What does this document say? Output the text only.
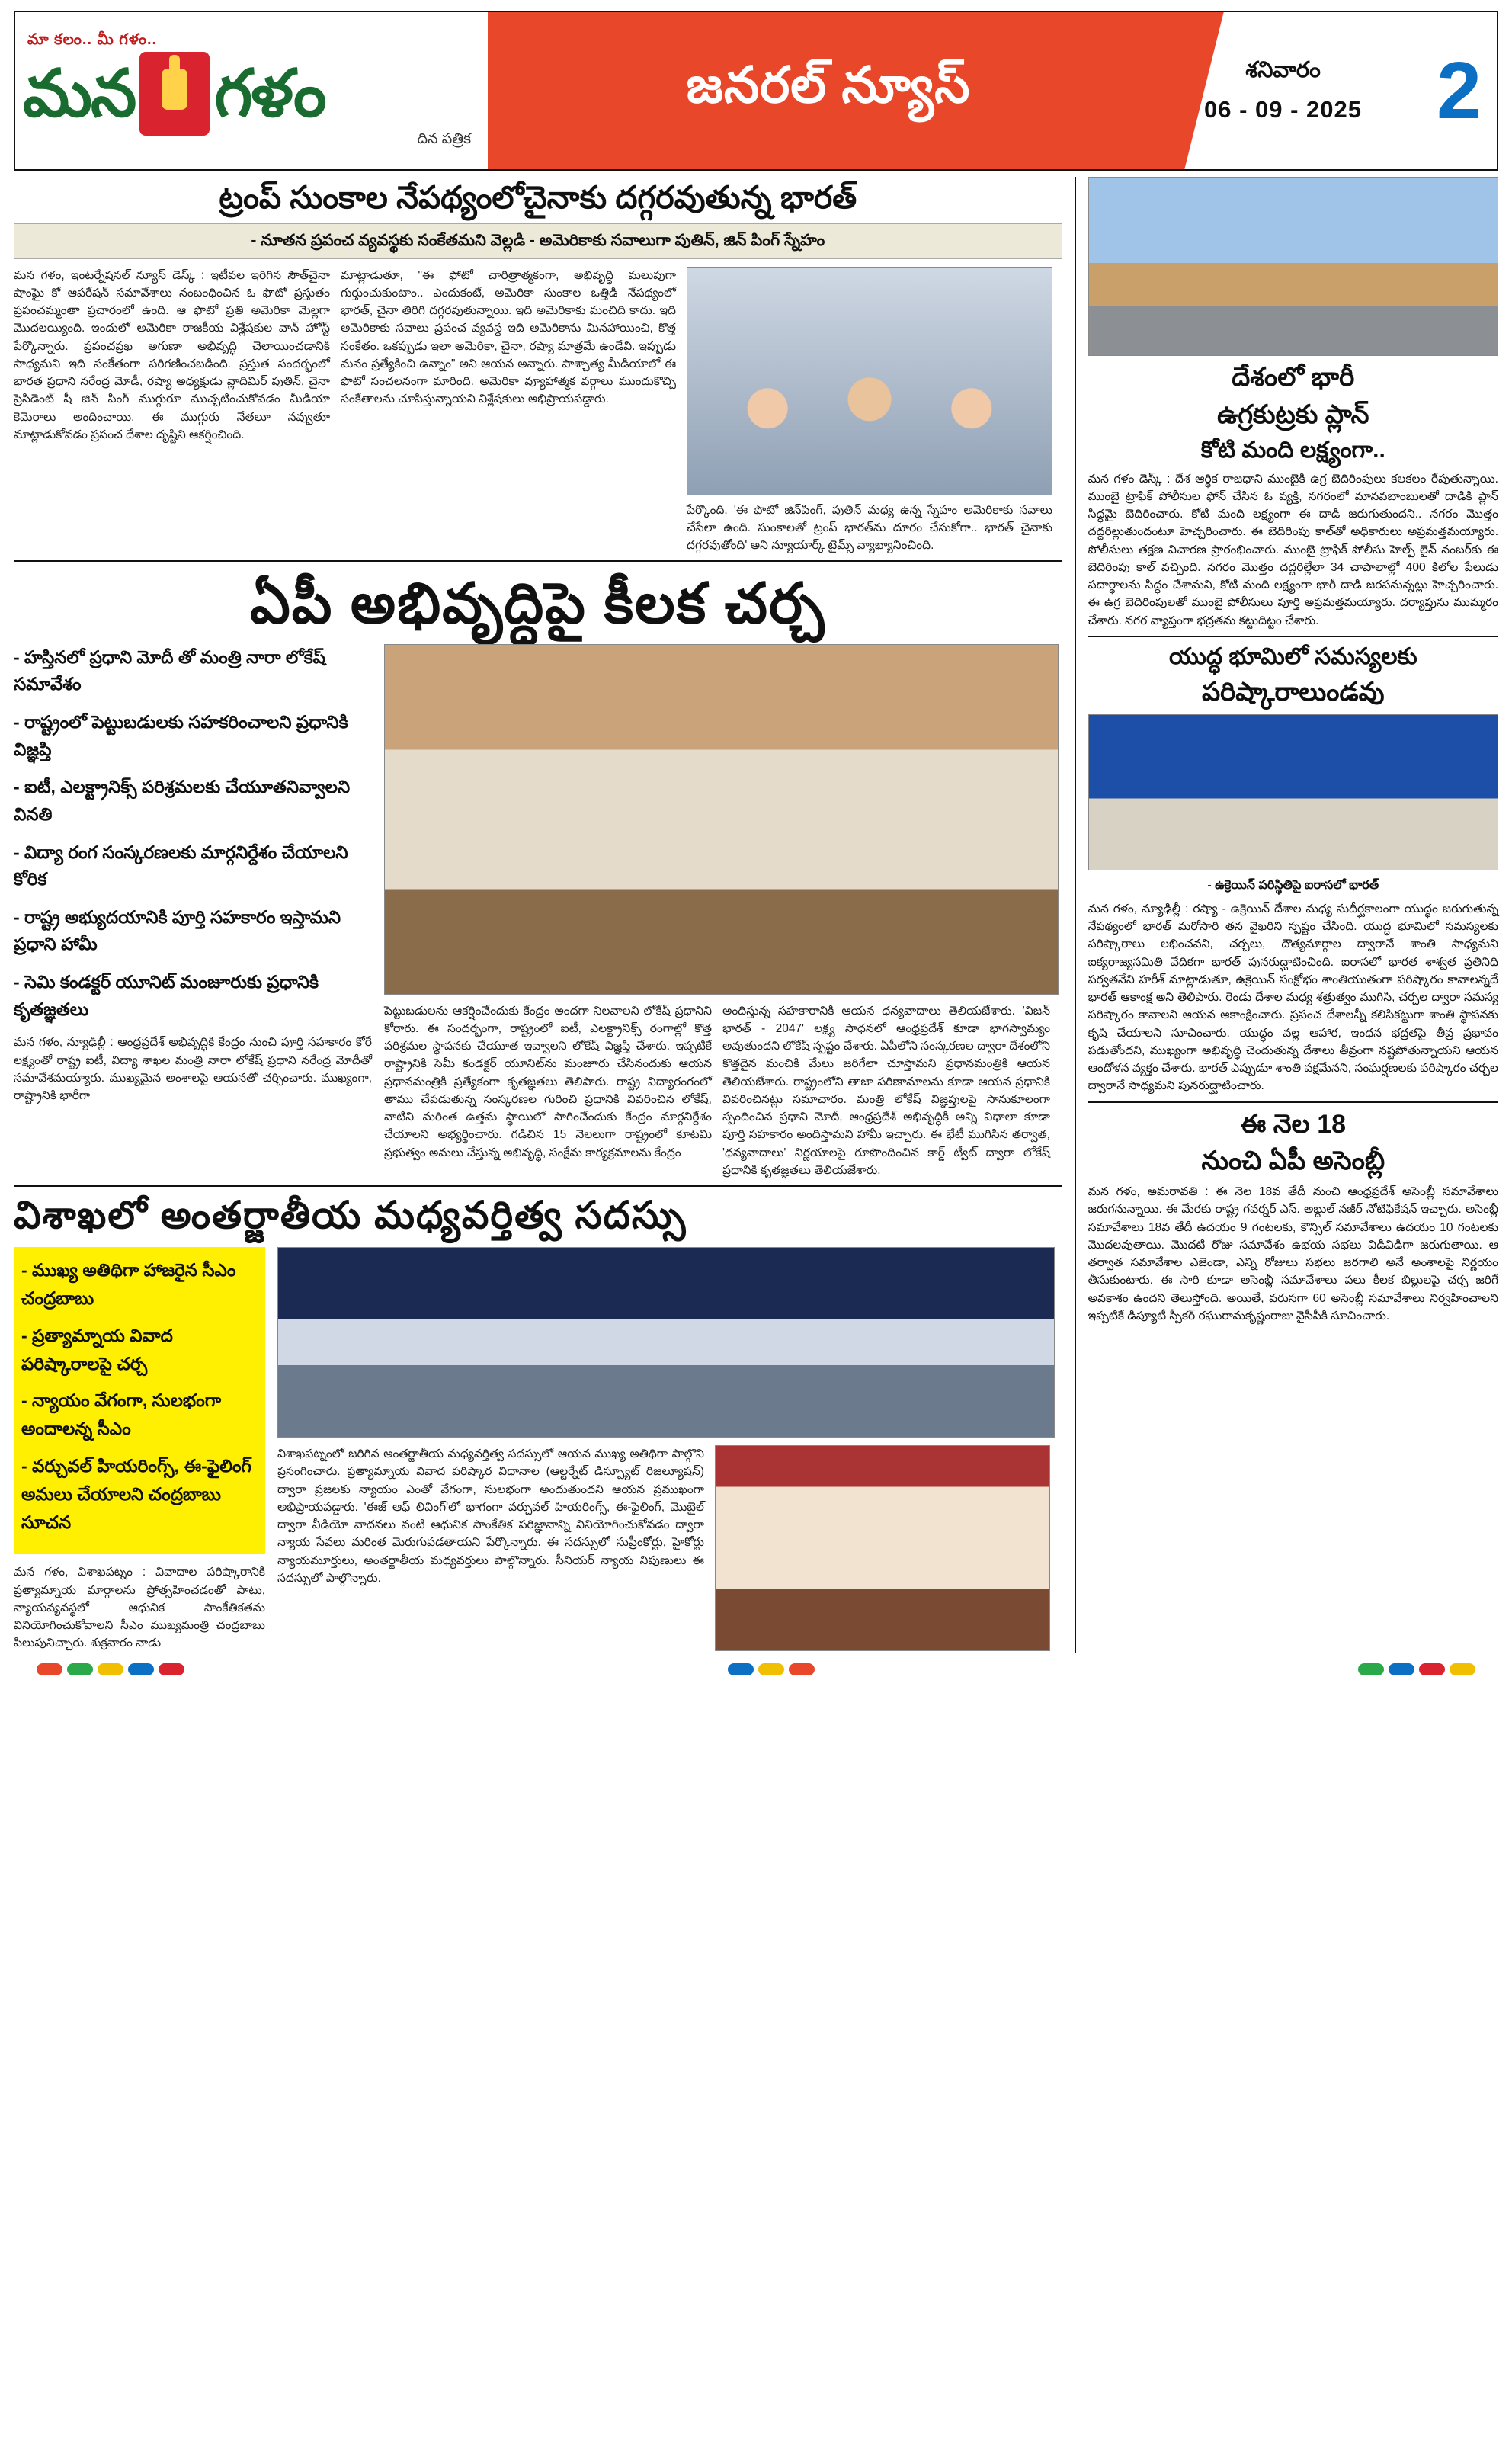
మా కలం.. మీ గళం..
మన గళం
దిన పత్రిక
జనరల్ న్యూస్	శనివారం
06 - 09 - 2025 2
ట్రంప్ సుంకాల నేపథ్యంలోచైనాకు దగ్గరవుతున్న భారత్
- నూతన ప్రపంచ వ్యవస్థకు సంకేతమని వెల్లడి - అమెరికాకు సవాలుగా పుతిన్, జిన్ పింగ్ స్నేహం
మన గళం, ఇంటర్నేషనల్ న్యూస్ డెస్క్ : ఇటీవల ఇరిగిన సౌత్‌చైనా షాంఘై కో ఆపరేషన్ సమావేశాలు నంబంధించిన ఓ ఫొటో ప్రస్తుతం ప్రపంచమ్మంతా ప్రచారంలో ఉంది. ఆ ఫొటో ప్రతి అమెరికా మెల్లగా మొదలయ్యింది. ఇందులో అమెరికా రాజకీయ విశ్లేషకుల వాన్ హోస్ట్ పేర్కొన్నారు. ప్రపంచప్రఖ అగుణా అభివృద్ధి చెలాయించడానికి సాధ్యమని ఇది సంకేతంగా పరిగణించబడింది. ప్రస్తుత సందర్భంలో భారత ప్రధాని నరేంద్ర మోడీ, రష్యా అధ్యక్షుడు వ్లాదిమిర్ పుతిన్, చైనా ప్రెసిడెంట్ షీ జిన్ పింగ్ ముగ్గురూ ముచ్చటించుకోవడం మీడియా కెమెరాలు అందించాయి. ఈ ముగ్గురు నేతలూ నవ్వుతూ మాట్లాడుకోవడం ప్రపంచ దేశాల దృష్టిని ఆకర్షించింది.
మాట్లాడుతూ, "ఈ ఫోటో చారిత్రాత్మకంగా, అభివృద్ధి మలుపుగా గుర్తుంచుకుంటాం.. ఎందుకంటే, అమెరికా సుంకాల ఒత్తిడి నేపథ్యంలో భారత్, చైనా తిరిగి దగ్గరవుతున్నాయి. ఇది అమెరికాకు మంచిది కాదు. ఇది అమెరికాకు సవాలు ప్రపంచ వ్యవస్థ ఇది అమెరికాను మినహాయించి, కొత్త సంకేతం. ఒకప్పుడు ఇలా అమెరికా, చైనా, రష్యా మాత్రమే ఉండేవి. ఇప్పుడు మనం ప్రత్యేకించి ఉన్నాం" అని ఆయన అన్నారు. పాశ్చాత్య మీడియాలో ఈ ఫొటో సంచలనంగా మారింది. అమెరికా వ్యూహాత్మక వర్గాలు ముందుకొచ్చి సంకేతాలను చూపిస్తున్నాయని విశ్లేషకులు అభిప్రాయపడ్డారు.
పేర్కొంది. 'ఈ ఫొటో జిన్‌పింగ్, పుతిన్ మధ్య ఉన్న స్నేహం అమెరికాకు సవాలు చేసేలా ఉంది. సుంకాలతో ట్రంప్ భారత్‌ను దూరం చేసుకోగా.. భారత్ చైనాకు దగ్గరవుతోంది' అని న్యూయార్క్ టైమ్స్ వ్యాఖ్యానించింది.
ఏపీ అభివృద్ధిపై కీలక చర్చ
- హస్తినలో ప్రధాని మోదీ తో మంత్రి నారా లోకేష్ సమావేశం
- రాష్ట్రంలో పెట్టుబడులకు సహకరించాలని ప్రధానికి విజ్ఞప్తి
- ఐటీ, ఎలక్ట్రానిక్స్ పరిశ్రమలకు చేయూతనివ్వాలని వినతి
- విద్యా రంగ సంస్కరణలకు మార్గనిర్దేశం చేయాలని కోరిక
- రాష్ట్ర అభ్యుదయానికి పూర్తి సహకారం ఇస్తామని ప్రధాని హామీ
- సెమి కండక్టర్ యూనిట్ మంజూరుకు ప్రధానికి కృతజ్ఞతలు
మన గళం, న్యూఢిల్లీ : ఆంధ్రప్రదేశ్ అభివృద్ధికి కేంద్రం నుంచి పూర్తి సహకారం కోరే లక్ష్యంతో రాష్ట్ర ఐటీ, విద్యా శాఖల మంత్రి నారా లోకేష్ ప్రధాని నరేంద్ర మోదీతో సమావేశమయ్యారు. ముఖ్యమైన అంశాలపై ఆయనతో చర్చించారు. ముఖ్యంగా, రాష్ట్రానికి భారీగా
పెట్టుబడులను ఆకర్షించేందుకు కేంద్రం అందగా నిలవాలని లోకేష్ ప్రధానిని కోరారు. ఈ సందర్భంగా, రాష్ట్రంలో ఐటీ, ఎలక్ట్రానిక్స్ రంగాల్లో కొత్త పరిశ్రమల స్థాపనకు చేయూత ఇవ్వాలని లోకేష్ విజ్ఞప్తి చేశారు. ఇప్పటికే రాష్ట్రానికి సెమీ కండక్టర్ యూనిట్‌ను మంజూరు చేసినందుకు ఆయన ప్రధానమంత్రికి ప్రత్యేకంగా కృతజ్ఞతలు తెలిపారు. రాష్ట్ర విద్యారంగంలో తాము చేపడుతున్న సంస్కరణల గురించి ప్రధానికి వివరించిన లోకేష్, వాటిని మరింత ఉత్తమ స్థాయిలో సాగించేందుకు కేంద్రం మార్గనిర్దేశం చేయాలని అభ్యర్థించారు. గడిచిన 15 నెలలుగా రాష్ట్రంలో కూటమి ప్రభుత్వం అమలు చేస్తున్న అభివృద్ధి, సంక్షేమ కార్యక్రమాలను కేంద్రం
అందిస్తున్న సహకారానికి ఆయన ధన్యవాదాలు తెలియజేశారు. 'విజన్ భారత్ - 2047' లక్ష్య సాధనలో ఆంధ్రప్రదేశ్ కూడా భాగస్వామ్యం అవుతుందని లోకేష్ స్పష్టం చేశారు. ఏపీలోని సంస్కరణల ద్వారా దేశంలోని కొత్తదైన మంచికి మేలు జరిగేలా చూస్తామని ప్రధానమంత్రికి ఆయన తెలియజేశారు. రాష్ట్రంలోని తాజా పరిణామాలను కూడా ఆయన ప్రధానికి వివరించినట్లు సమాచారం. మంత్రి లోకేష్ విజ్ఞప్తులపై సానుకూలంగా స్పందించిన ప్రధాని మోదీ, ఆంధ్రప్రదేశ్ అభివృద్ధికి అన్ని విధాలా కూడా పూర్తి సహకారం అందిస్తామని హామీ ఇచ్చారు. ఈ భేటీ ముగిసిన తర్వాత, 'ధన్యవాదాలు' నిర్ణయాలపై రూపొందించిన కార్డ్ ట్వీట్ ద్వారా లోకేష్ ప్రధానికి కృతజ్ఞతలు తెలియజేశారు.
విశాఖలో అంతర్జాతీయ మధ్యవర్తిత్వ సదస్సు
- ముఖ్య అతిథిగా హాజరైన సీఎం చంద్రబాబు
- ప్రత్యామ్నాయ వివాద పరిష్కారాలపై చర్చ
- న్యాయం వేగంగా, సులభంగా అందాలన్న సీఎం
- వర్చువల్ హియరింగ్స్, ఈ-ఫైలింగ్ అమలు చేయాలని చంద్రబాబు సూచన
మన గళం, విశాఖపట్నం : వివాదాల పరిష్కారానికి ప్రత్యామ్నాయ మార్గాలను ప్రోత్సహించడంతో పాటు, న్యాయవ్యవస్థలో ఆధునిక సాంకేతికతను వినియోగించుకోవాలని సీఎం ముఖ్యమంత్రి చంద్రబాబు పిలుపునిచ్చారు. శుక్రవారం నాడు
విశాఖపట్నంలో జరిగిన అంతర్జాతీయ మధ్యవర్తిత్వ సదస్సులో ఆయన ముఖ్య అతిథిగా పాల్గొని ప్రసంగించారు. ప్రత్యామ్నాయ వివాద పరిష్కార విధానాల (ఆల్టర్నేట్ డిస్ప్యూట్ రిజల్యూషన్) ద్వారా ప్రజలకు న్యాయం ఎంతో వేగంగా, సులభంగా అందుతుందని ఆయన ప్రముఖంగా అభిప్రాయపడ్డారు. 'ఈజ్ ఆఫ్ లివింగ్'లో భాగంగా వర్చువల్ హియరింగ్స్, ఈ-ఫైలింగ్, మొబైల్ ద్వారా వీడియో వాదనలు వంటి ఆధునిక సాంకేతిక పరిజ్ఞానాన్ని వినియోగించుకోవడం ద్వారా న్యాయ సేవలు మరింత మెరుగుపడతాయని పేర్కొన్నారు. ఈ సదస్సులో సుప్రీంకోర్టు, హైకోర్టు న్యాయమూర్తులు, అంతర్జాతీయ మధ్యవర్తులు పాల్గొన్నారు. సీనియర్ న్యాయ నిపుణులు ఈ సదస్సులో పాల్గొన్నారు.
దేశంలో భారీ
ఉగ్రకుట్రకు ప్లాన్
కోటి మంది లక్ష్యంగా..
మన గళం డెస్క్ : దేశ ఆర్థిక రాజధాని ముంబైకి ఉగ్ర బెదిరింపులు కలకలం రేపుతున్నాయి. ముంబై ట్రాఫిక్ పోలీసుల ఫోన్ చేసిన ఓ వ్యక్తి, నగరంలో మానవబాంబులతో దాడికి ప్లాన్ సిద్ధమై బెదిరించారు. కోటి మంది లక్ష్యంగా ఈ దాడి జరుగుతుందని.. నగరం మొత్తం దద్దరిల్లుతుందంటూ హెచ్చరించారు. ఈ బెదిరింపు కాల్‌తో అధికారులు అప్రమత్తమయ్యారు. పోలీసులు తక్షణ విచారణ ప్రారంభించారు. ముంబై ట్రాఫిక్ పోలీసు హెల్ప్ లైన్ నంబర్‌కు ఈ బెదిరింపు కాల్ వచ్చింది. నగరం మొత్తం దద్దరిల్లేలా 34 చాపాలాల్లో 400 కిలోల పేలుడు పదార్థాలను సిద్ధం చేశామని, కోటి మంది లక్ష్యంగా భారీ దాడి జరపనున్నట్లు హెచ్చరించారు. ఈ ఉగ్ర బెదిరింపులతో ముంబై పోలీసులు పూర్తి అప్రమత్తమయ్యారు. దర్యాప్తును ముమ్మరం చేశారు. నగర వ్యాప్తంగా భద్రతను కట్టుదిట్టం చేశారు.
యుద్ధ భూమిలో సమస్యలకు
పరిష్కారాలుండవు
- ఉక్రెయిన్ పరిస్థితిపై ఐరాసలో భారత్
మన గళం, న్యూఢిల్లీ : రష్యా - ఉక్రెయిన్ దేశాల మధ్య సుదీర్ఘకాలంగా యుద్ధం జరుగుతున్న నేపథ్యంలో భారత్ మరోసారి తన వైఖరిని స్పష్టం చేసింది. యుద్ధ భూమిలో సమస్యలకు పరిష్కారాలు లభించవని, చర్చలు, దౌత్యమార్గాల ద్వారానే శాంతి సాధ్యమని ఐక్యరాజ్యసమితి వేదికగా భారత్ పునరుద్ఘాటించింది. ఐరాసలో భారత శాశ్వత ప్రతినిధి పర్వతనేని హరీశ్ మాట్లాడుతూ, ఉక్రెయిన్ సంక్షోభం శాంతియుతంగా పరిష్కారం కావాలన్నదే భారత్ ఆకాంక్ష అని తెలిపారు. రెండు దేశాల మధ్య శత్రుత్వం ముగిసి, చర్చల ద్వారా సమస్య పరిష్కారం కావాలని ఆయన ఆకాంక్షించారు. ప్రపంచ దేశాలన్నీ కలిసికట్టుగా శాంతి స్థాపనకు కృషి చేయాలని సూచించారు. యుద్ధం వల్ల ఆహార, ఇంధన భద్రతపై తీవ్ర ప్రభావం పడుతోందని, ముఖ్యంగా అభివృద్ధి చెందుతున్న దేశాలు తీవ్రంగా నష్టపోతున్నాయని ఆయన ఆందోళన వ్యక్తం చేశారు. భారత్ ఎప్పుడూ శాంతి పక్షమేనని, సంఘర్షణలకు పరిష్కారం చర్చల ద్వారానే సాధ్యమని పునరుద్ఘాటించారు.
ఈ నెల 18
నుంచి ఏపీ అసెంబ్లీ
మన గళం, అమరావతి : ఈ నెల 18వ తేదీ నుంచి ఆంధ్రప్రదేశ్ అసెంబ్లీ సమావేశాలు జరుగనున్నాయి. ఈ మేరకు రాష్ట్ర గవర్నర్ ఎస్. అబ్దుల్ నజీర్ నోటిఫికేషన్ ఇచ్చారు. అసెంబ్లీ సమావేశాలు 18వ తేదీ ఉదయం 9 గంటలకు, కౌన్సిల్ సమావేశాలు ఉదయం 10 గంటలకు మొదలవుతాయి. మొదటి రోజు సమావేశం ఉభయ సభలు విడివిడిగా జరుగుతాయి. ఆ తర్వాత సమావేశాల ఎజెండా, ఎన్ని రోజులు సభలు జరగాలి అనే అంశాలపై నిర్ణయం తీసుకుంటారు. ఈ సారి కూడా అసెంబ్లీ సమావేశాలు పలు కీలక బిల్లులపై చర్చ జరిగే అవకాశం ఉందని తెలుస్తోంది. అయితే, వరుసగా 60 అసెంబ్లీ సమావేశాలు నిర్వహించాలని ఇప్పటికే డిప్యూటీ స్పీకర్ రఘురామకృష్ణంరాజు వైసీపీకి సూచించారు.
